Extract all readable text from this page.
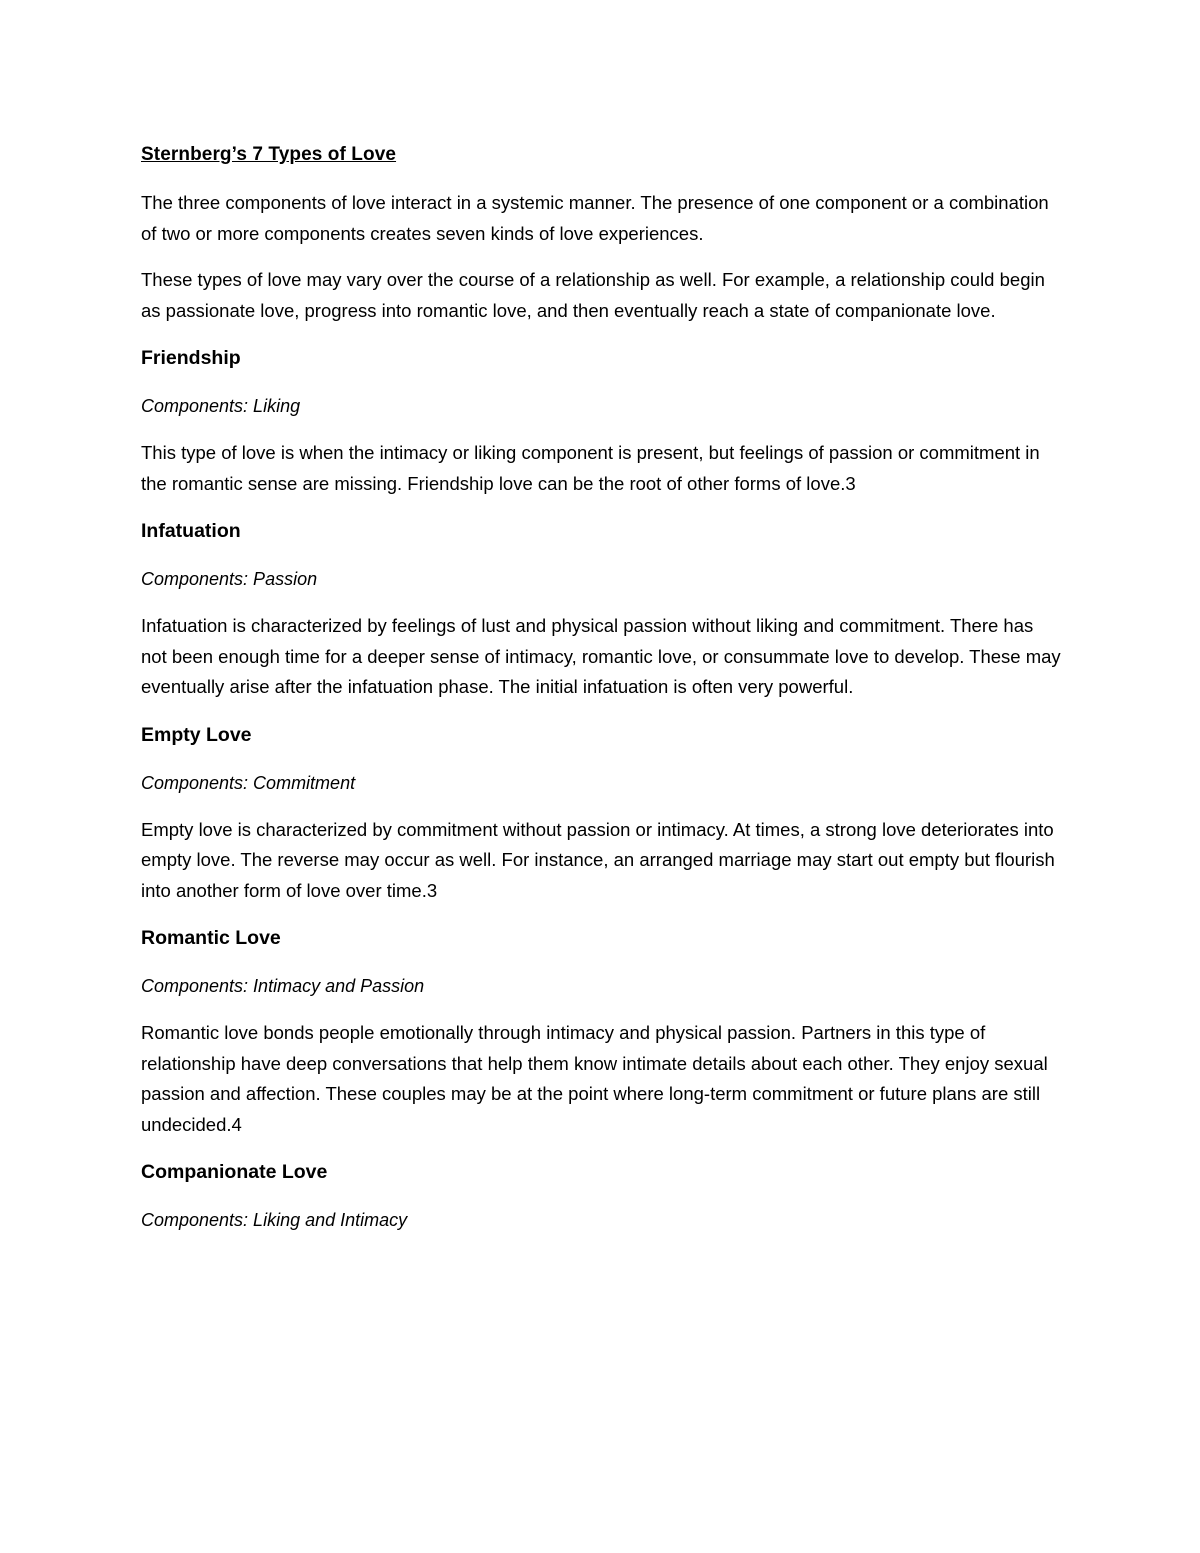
Sternberg’s 7 Types of Love

The three components of love interact in a systemic manner. The presence of one component or a combination of two or more components creates seven kinds of love experiences.

These types of love may vary over the course of a relationship as well. For example, a relationship could begin as passionate love, progress into romantic love, and then eventually reach a state of companionate love.

Friendship
Components: Liking

This type of love is when the intimacy or liking component is present, but feelings of passion or commitment in the romantic sense are missing. Friendship love can be the root of other forms of love.3

Infatuation
Components: Passion

Infatuation is characterized by feelings of lust and physical passion without liking and commitment. There has not been enough time for a deeper sense of intimacy, romantic love, or consummate love to develop. These may eventually arise after the infatuation phase. The initial infatuation is often very powerful.

Empty Love
Components: Commitment

Empty love is characterized by commitment without passion or intimacy. At times, a strong love deteriorates into empty love. The reverse may occur as well. For instance, an arranged marriage may start out empty but flourish into another form of love over time.3

Romantic Love
Components: Intimacy and Passion

Romantic love bonds people emotionally through intimacy and physical passion. Partners in this type of relationship have deep conversations that help them know intimate details about each other. They enjoy sexual passion and affection. These couples may be at the point where long-term commitment or future plans are still undecided.4

Companionate Love
Components: Liking and Intimacy
